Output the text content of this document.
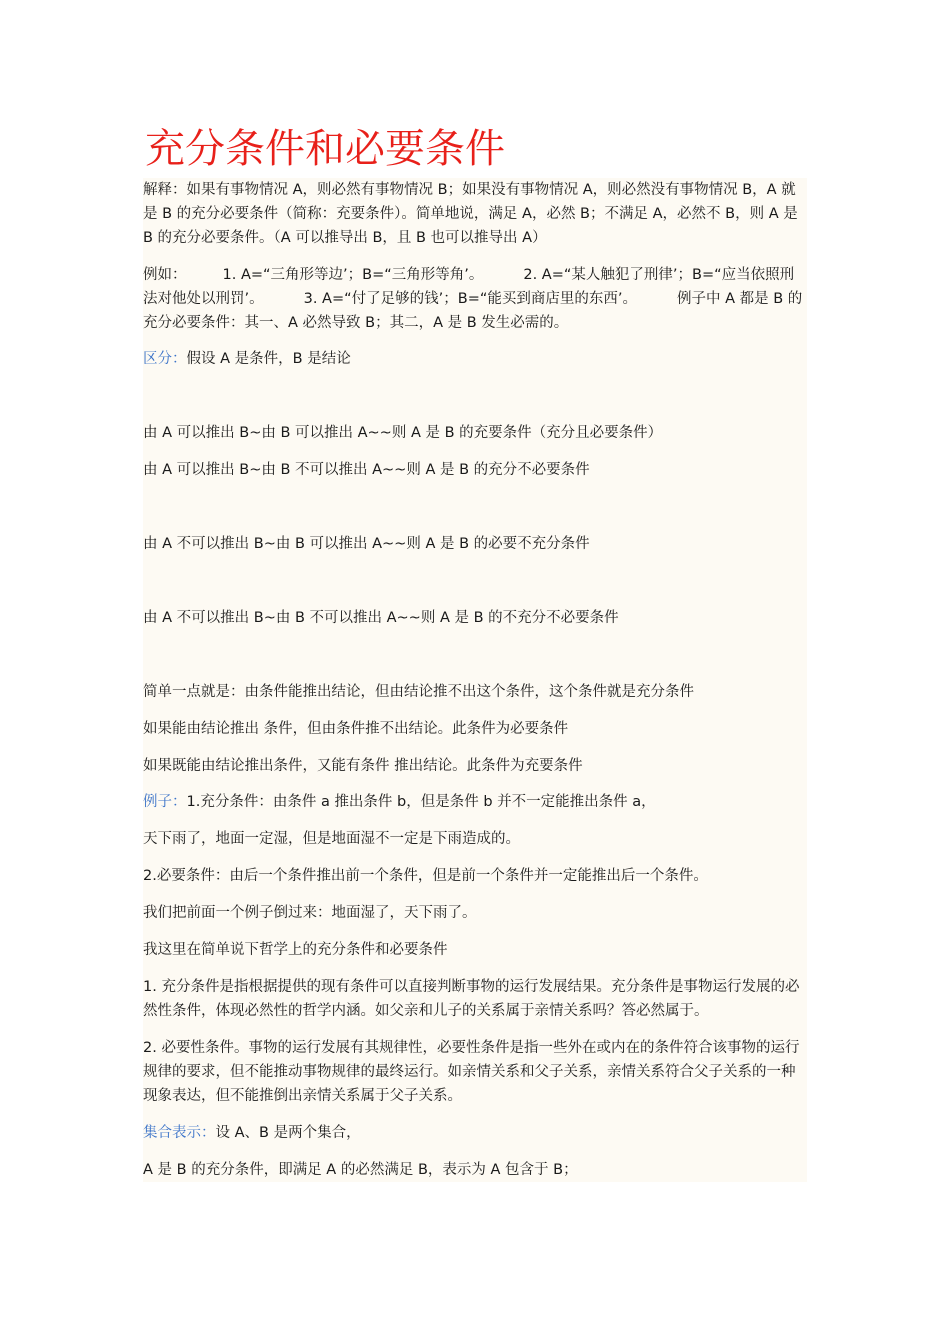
充分条件和必要条件

解释：如果有事物情况 A，则必然有事物情况 B；如果没有事物情况 A，则必然没有事物情况 B，A 就是 B 的充分必要条件（简称：充要条件）。简单地说，满足 A，必然 B；不满足 A，必然不 B，则 A 是 B 的充分必要条件。（A 可以推导出 B，且 B 也可以推导出 A）

例如： 1. A=“三角形等边’；B=“三角形等角’。	2. A=“某人触犯了刑律’；B=“应当依照刑法对他处以刑罚’。	3. A=“付了足够的钱’；B=“能买到商店里的东西’。	例子中 A 都是 B 的充分必要条件：其一、A 必然导致 B；其二，A 是 B 发生必需的。

区分：假设 A 是条件，B 是结论

由 A 可以推出 B~由 B 可以推出 A~~则 A 是 B 的充要条件（充分且必要条件）

由 A 可以推出 B~由 B 不可以推出 A~~则 A 是 B 的充分不必要条件

由 A 不可以推出 B~由 B 可以推出 A~~则 A 是 B 的必要不充分条件

由 A 不可以推出 B~由 B 不可以推出 A~~则 A 是 B 的不充分不必要条件

简单一点就是：由条件能推出结论，但由结论推不出这个条件，这个条件就是充分条件

如果能由结论推出 条件，但由条件推不出结论。此条件为必要条件

如果既能由结论推出条件，又能有条件 推出结论。此条件为充要条件

例子：1.充分条件：由条件 a 推出条件 b，但是条件 b 并不一定能推出条件 a，

天下雨了，地面一定湿，但是地面湿不一定是下雨造成的。

2.必要条件：由后一个条件推出前一个条件，但是前一个条件并一定能推出后一个条件。

我们把前面一个例子倒过来：地面湿了，天下雨了。

我这里在简单说下哲学上的充分条件和必要条件

1. 充分条件是指根据提供的现有条件可以直接判断事物的运行发展结果。充分条件是事物运行发展的必然性条件，体现必然性的哲学内涵。如父亲和儿子的关系属于亲情关系吗？答必然属于。

2. 必要性条件。事物的运行发展有其规律性，必要性条件是指一些外在或内在的条件符合该事物的运行规律的要求，但不能推动事物规律的最终运行。如亲情关系和父子关系，亲情关系符合父子关系的一种现象表达，但不能推倒出亲情关系属于父子关系。

集合表示：设 A、B 是两个集合，

A 是 B 的充分条件，即满足 A 的必然满足 B，表示为 A 包含于 B；
